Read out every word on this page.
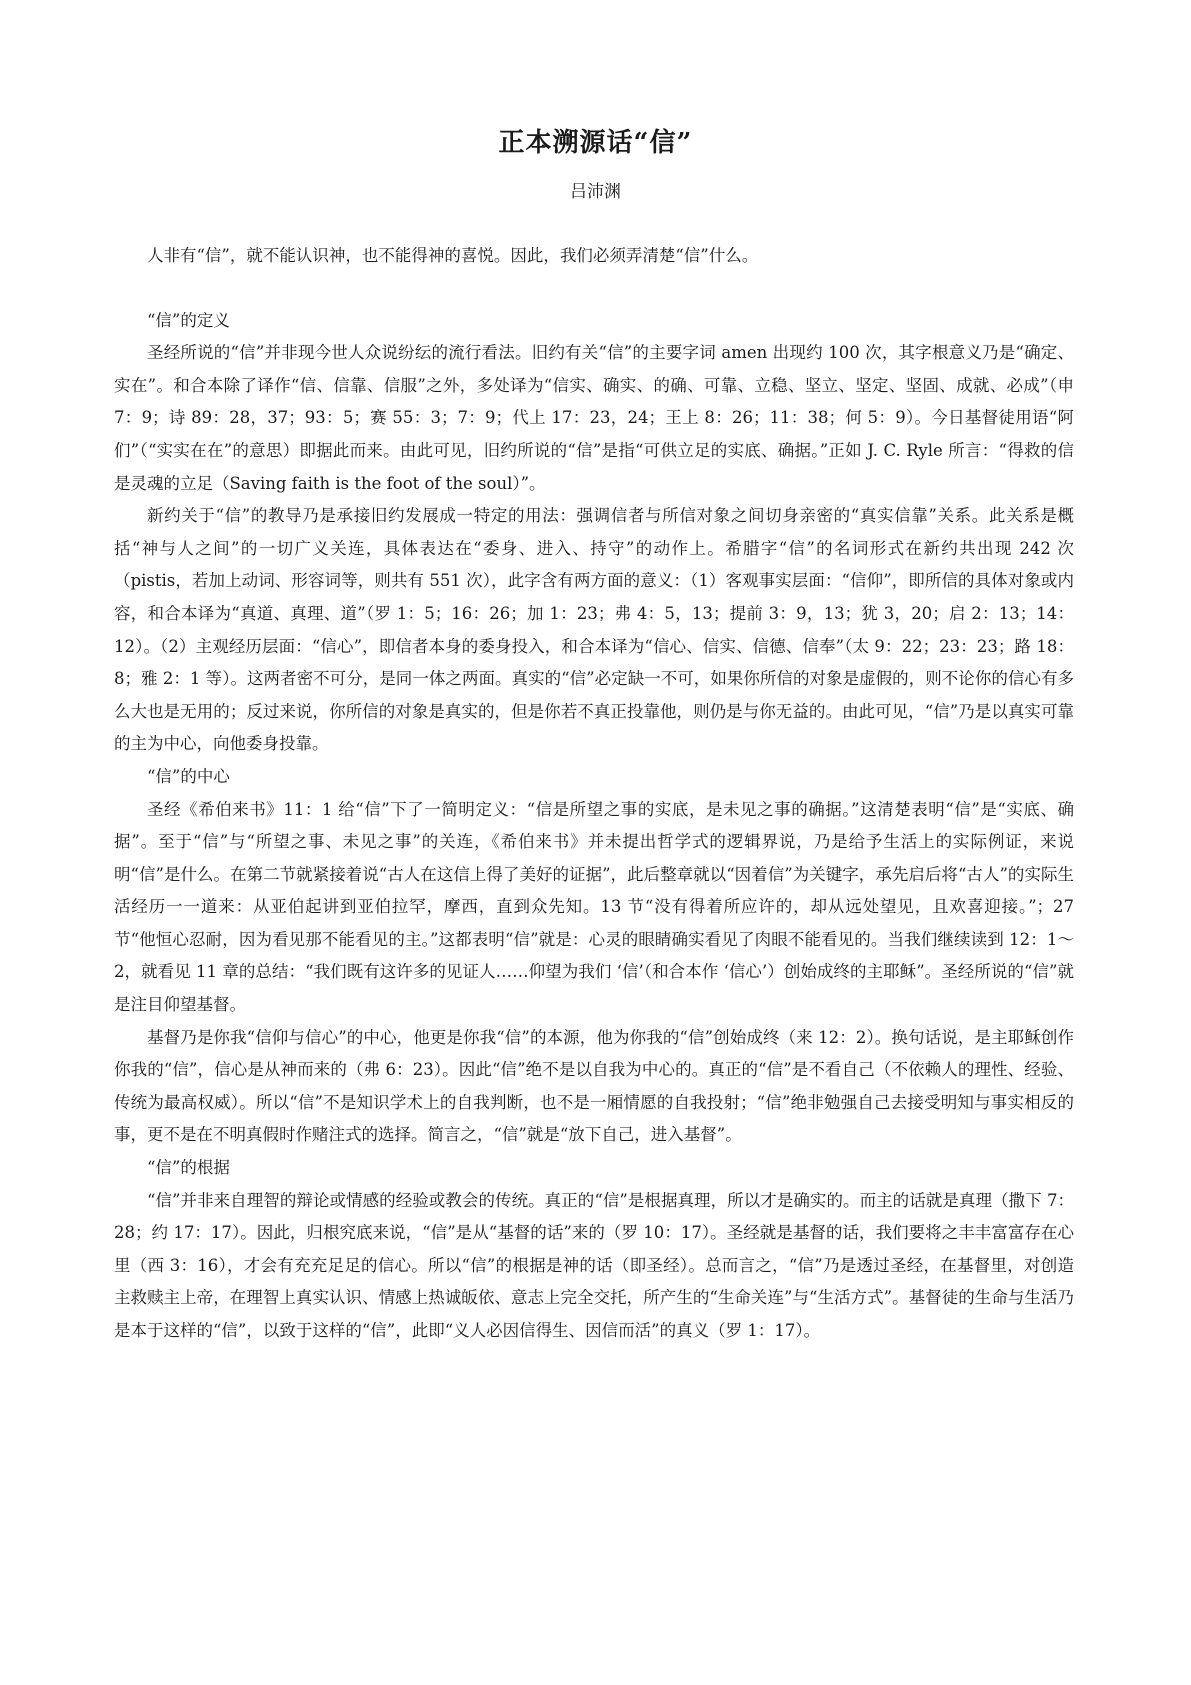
正本溯源话“信”
吕沛渊

人非有“信”，就不能认识神，也不能得神的喜悦。因此，我们必须弄清楚“信”什么。

“信”的定义

圣经所说的“信”并非现今世人众说纷纭的流行看法。旧约有关“信”的主要字词 amen 出现约 100 次，其字根意义乃是“确定、实在”。和合本除了译作“信、信靠、信服”之外，多处译为“信实、确实、的确、可靠、立稳、坚立、坚定、坚固、成就、必成”（申 7：9；诗 89：28，37；93：5；赛 55：3；7：9；代上 17：23，24；王上 8：26；11：38；何 5：9）。今日基督徒用语“阿们”（“实实在在”的意思）即据此而来。由此可见，旧约所说的“信”是指“可供立足的实底、确据。”正如 J. C. Ryle 所言：“得救的信是灵魂的立足（Saving faith is the foot of the soul）”。

新约关于“信”的教导乃是承接旧约发展成一特定的用法：强调信者与所信对象之间切身亲密的“真实信靠”关系。此关系是概括“神与人之间”的一切广义关连，具体表达在“委身、进入、持守”的动作上。希腊字“信”的名词形式在新约共出现 242 次（pistis，若加上动词、形容词等，则共有 551 次），此字含有两方面的意义：（1）客观事实层面：“信仰”，即所信的具体对象或内容，和合本译为“真道、真理、道”（罗 1：5；16：26；加 1：23；弗 4：5，13；提前 3：9，13；犹 3，20；启 2：13；14：12）。（2）主观经历层面：“信心”，即信者本身的委身投入，和合本译为“信心、信实、信德、信奉”（太 9：22；23：23；路 18：8；雅 2：1 等）。这两者密不可分，是同一体之两面。真实的“信”必定缺一不可，如果你所信的对象是虚假的，则不论你的信心有多么大也是无用的；反过来说，你所信的对象是真实的，但是你若不真正投靠他，则仍是与你无益的。由此可见，“信”乃是以真实可靠的主为中心，向他委身投靠。

“信”的中心

圣经《希伯来书》11：1 给“信”下了一简明定义：“信是所望之事的实底，是未见之事的确据。”这清楚表明“信”是“实底、确据”。至于“信”与“所望之事、未见之事”的关连，《希伯来书》并未提出哲学式的逻辑界说，乃是给予生活上的实际例证，来说明“信”是什么。在第二节就紧接着说“古人在这信上得了美好的证据”，此后整章就以“因着信”为关键字，承先启后将“古人”的实际生活经历一一道来：从亚伯起讲到亚伯拉罕，摩西，直到众先知。13 节“没有得着所应许的，却从远处望见，且欢喜迎接。”；27 节“他恒心忍耐，因为看见那不能看见的主。”这都表明“信”就是：心灵的眼睛确实看见了肉眼不能看见的。当我们继续读到 12：1～2，就看见 11 章的总结：“我们既有这许多的见证人……仰望为我们 ‘信’（和合本作 ‘信心’）创始成终的主耶稣”。圣经所说的“信”就是注目仰望基督。

基督乃是你我“信仰与信心”的中心，他更是你我“信”的本源，他为你我的“信”创始成终（来 12：2）。换句话说，是主耶稣创作你我的“信”，信心是从神而来的（弗 6：23）。因此“信”绝不是以自我为中心的。真正的“信”是不看自己（不依赖人的理性、经验、传统为最高权威）。所以“信”不是知识学术上的自我判断，也不是一厢情愿的自我投射；“信”绝非勉强自己去接受明知与事实相反的事，更不是在不明真假时作赌注式的选择。简言之，“信”就是“放下自己，进入基督”。

“信”的根据

“信”并非来自理智的辩论或情感的经验或教会的传统。真正的“信”是根据真理，所以才是确实的。而主的话就是真理（撒下 7：28；约 17：17）。因此，归根究底来说，“信”是从“基督的话”来的（罗 10：17）。圣经就是基督的话，我们要将之丰丰富富存在心里（西 3：16），才会有充充足足的信心。所以“信”的根据是神的话（即圣经）。总而言之，“信”乃是透过圣经，在基督里，对创造主救赎主上帝，在理智上真实认识、情感上热诚皈依、意志上完全交托，所产生的“生命关连”与“生活方式”。基督徒的生命与生活乃是本于这样的“信”，以致于这样的“信”，此即“义人必因信得生、因信而活”的真义（罗 1：17）。
